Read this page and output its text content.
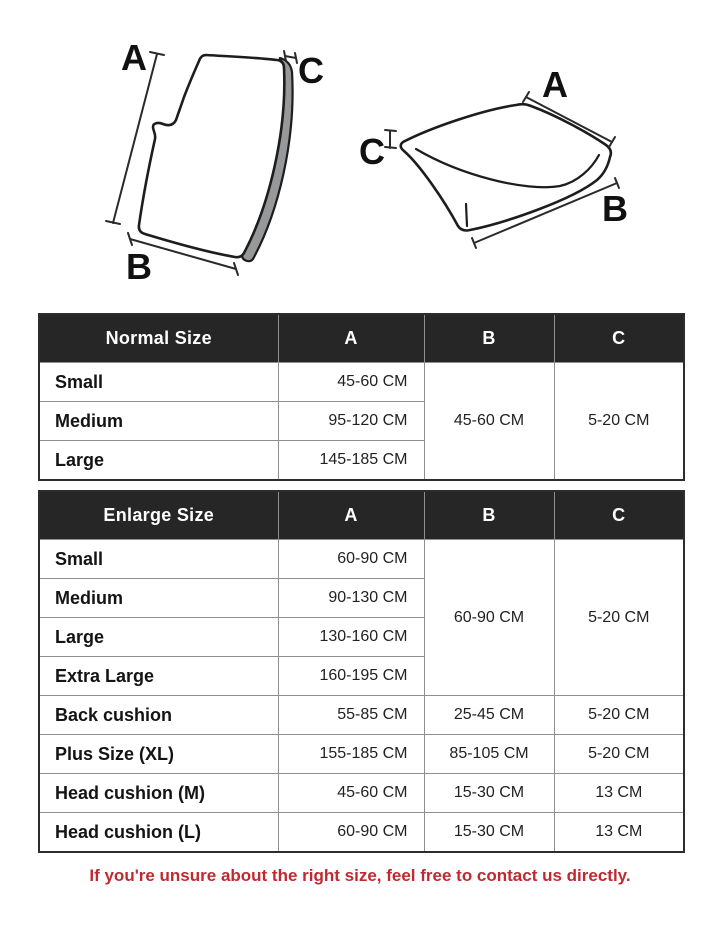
A
B
C	A
B
C
Normal Size	A	B	C
Small	45-60 CM	45-60 CM	5-20 CM
Medium	95-120 CM		
Large	145-185 CM		
Enlarge Size	A	B	C
Small	60-90 CM	60-90 CM	5-20 CM
Medium	90-130 CM		
Large	130-160 CM		
Extra Large	160-195 CM		
Back cushion	55-85 CM	25-45 CM	5-20 CM
Plus Size (XL)	155-185 CM	85-105 CM	5-20 CM
Head cushion (M)	45-60 CM	15-30 CM	13 CM
Head cushion (L)	60-90 CM	15-30 CM	13 CM
If you're unsure about the right size, feel free to contact us directly.
